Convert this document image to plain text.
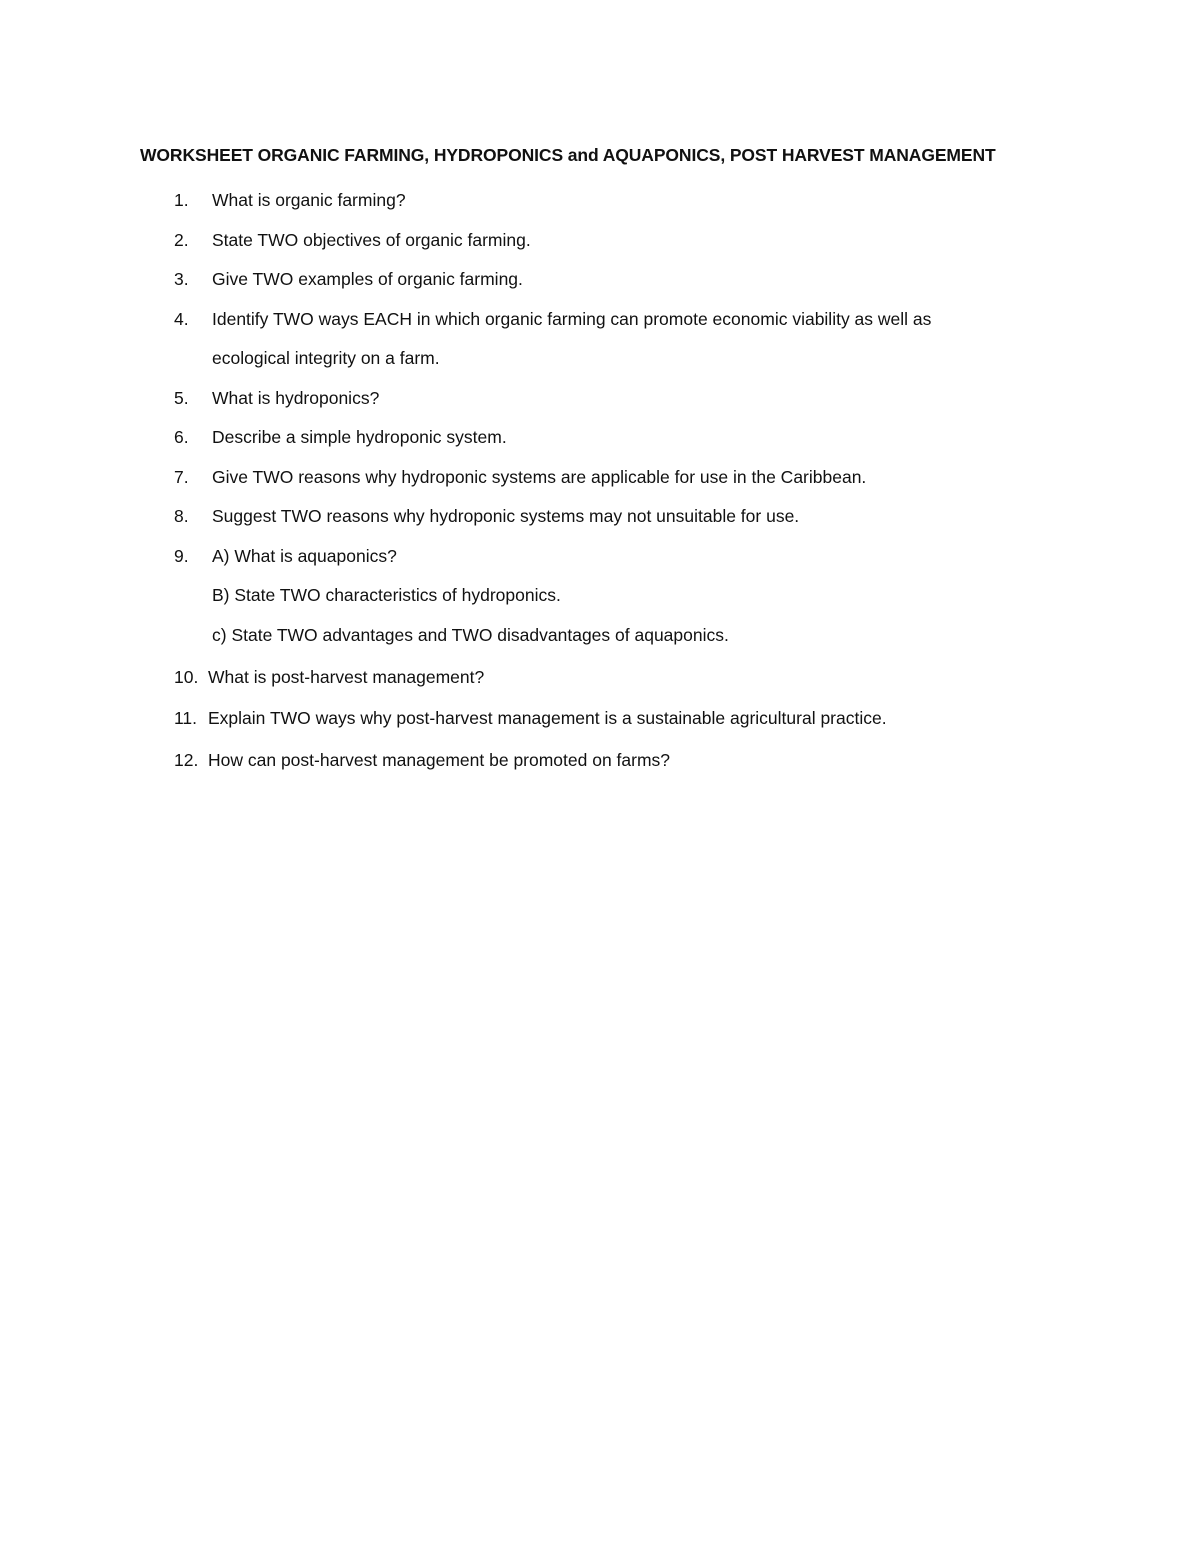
WORKSHEET ORGANIC FARMING, HYDROPONICS and AQUAPONICS, POST HARVEST MANAGEMENT
1. What is organic farming?
2. State TWO objectives of organic farming.
3. Give TWO examples of organic farming.
4. Identify TWO ways EACH in which organic farming can promote economic viability as well as
ecological integrity on a farm.
5. What is hydroponics?
6. Describe a simple hydroponic system.
7. Give TWO reasons why hydroponic systems are applicable for use in the Caribbean.
8. Suggest TWO reasons why hydroponic systems may not unsuitable for use.
9. A) What is aquaponics?
B) State TWO characteristics of hydroponics.
c) State TWO advantages and TWO disadvantages of aquaponics.
10. What is post-harvest management?
11. Explain TWO ways why post-harvest management is a sustainable agricultural practice.
12. How can post-harvest management be promoted on farms?
